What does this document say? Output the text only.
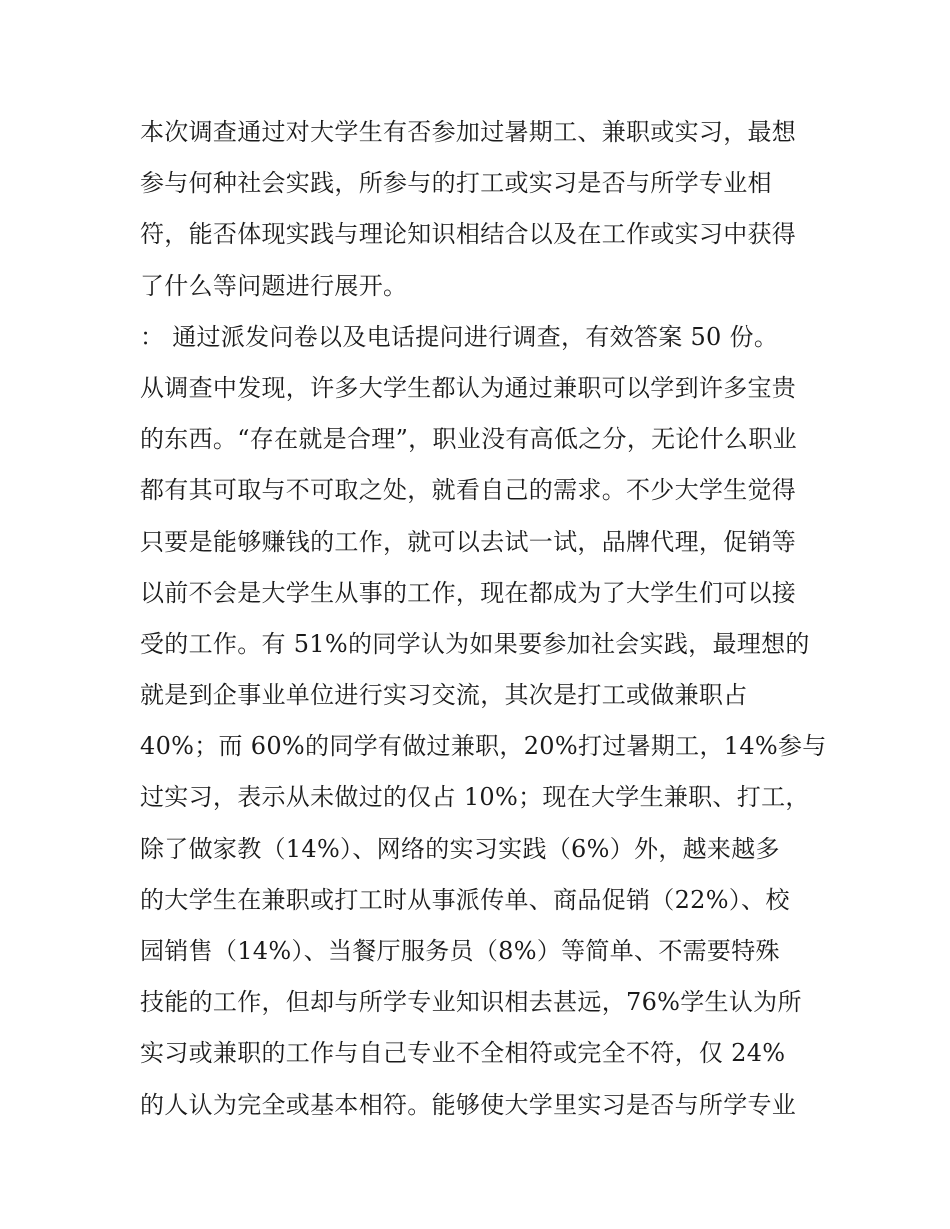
本次调查通过对大学生有否参加过暑期工、兼职或实习，最想
参与何种社会实践，所参与的打工或实习是否与所学专业相
符，能否体现实践与理论知识相结合以及在工作或实习中获得
了什么等问题进行展开。
： 通过派发问卷以及电话提问进行调查，有效答案 50 份。
从调查中发现，许多大学生都认为通过兼职可以学到许多宝贵
的东西。“存在就是合理”，职业没有高低之分，无论什么职业
都有其可取与不可取之处，就看自己的需求。不少大学生觉得
只要是能够赚钱的工作，就可以去试一试，品牌代理，促销等
以前不会是大学生从事的工作，现在都成为了大学生们可以接
受的工作。有 51%的同学认为如果要参加社会实践，最理想的
就是到企事业单位进行实习交流，其次是打工或做兼职占
40%；而 60%的同学有做过兼职，20%打过暑期工，14%参与
过实习，表示从未做过的仅占 10%；现在大学生兼职、打工，
除了做家教（14%）、网络的实习实践（6%）外，越来越多
的大学生在兼职或打工时从事派传单、商品促销（22%）、校
园销售（14%）、当餐厅服务员（8%）等简单、不需要特殊
技能的工作，但却与所学专业知识相去甚远，76%学生认为所
实习或兼职的工作与自己专业不全相符或完全不符，仅 24%
的人认为完全或基本相符。能够使大学里实习是否与所学专业
